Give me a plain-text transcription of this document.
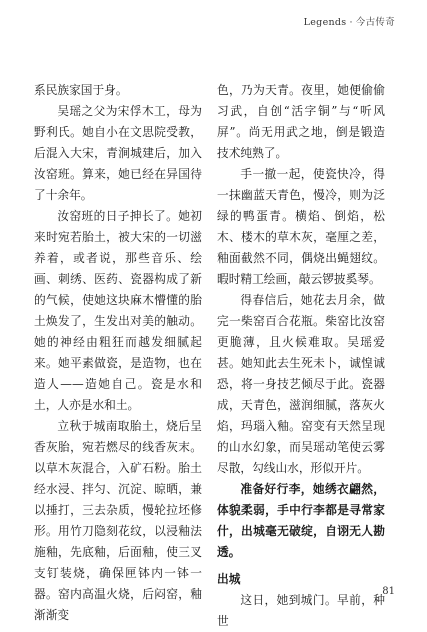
Legends · 今古传奇

系民族家国于身。

吴瑶之父为宋俘木工，母为野利氏。她自小在文思院受教，后混入大宋，青涧城建后，加入汝窑班。算来，她已经在异国待了十余年。

汝窑班的日子抻长了。她初来时宛若胎土，被大宋的一切滋养着，或者说，那些音乐、绘画、刺绣、医药、瓷器构成了新的气候，使她这块麻木懵懂的胎土焕发了，生发出对美的触动。她的神经由粗狂而越发细腻起来。她平素做瓷，是造物，也在造人——造她自己。瓷是水和土，人亦是水和土。

立秋于城南取胎土，烧后呈香灰胎，宛若燃尽的线香灰末。以草木灰混合，入矿石粉。胎土经水浸、拌匀、沉淀、晾晒，兼以捶打，三去杂质，慢轮拉坯修形。用竹刀隐刻花纹，以浸釉法施釉，先底釉，后面釉，使三叉支钉装烧，确保匣钵内一钵一器。窑内高温火烧，后闷窑，釉渐渐变

色，乃为天青。夜里，她便偷偷习武，自创“活字铜”与“听风屏”。尚无用武之地，倒是锻造技术纯熟了。

手一撤一起，使瓷快冷，得一抹幽蓝天青色，慢冷，则为泛绿的鸭蛋青。横焰、倒焰，松木、楼木的草木灰，毫厘之差，釉面截然不同，偶烧出蝇翅纹。暇时精工绘画，敲云锣披奚琴。

得春信后，她花去月余，做完一柴窑百合花瓶。柴窑比汝窑更脆薄，且火候难取。吴瑶爱甚。她知此去生死未卜，诚惶诚恐，将一身技艺倾尽于此。瓷器成，天青色，滋润细腻，落灰火焰，玛瑙入釉。窑变有天然呈现的山水幻象，而吴瑶动笔使云雾尽散，勾线山水，形似开片。

准备好行李，她绣衣翩然，体貌柔弱，手中行李都是寻常家什，出城毫无破绽，自诩无人勘透。

出城

这日，她到城门。早前，种世

81
